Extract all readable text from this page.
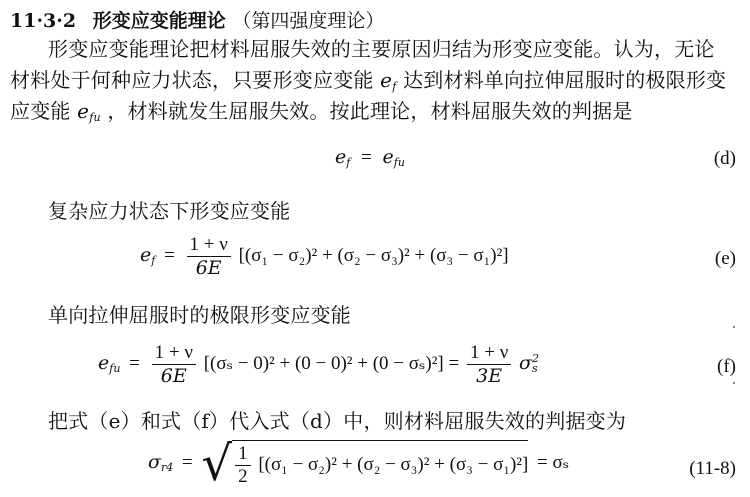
11·3·2 形变应变能理论 （第四强度理论）
形变应变能理论把材料屈服失效的主要原因归结为形变应变能。认为，无论
材料处于何种应力状态，只要形变应变能 $e_f$ 达到材料单向拉伸屈服时的极限形变
应变能 $e_{fu}$ ，材料就发生屈服失效。按此理论，材料屈服失效的判据是
$e_f = e_{fu}$	(d)
复杂应力状态下形变应变能
$e_f = \frac{1 + \nu}{6E} [(\sigma_1 - \sigma_2)^2 + (\sigma_2 - \sigma_3)^2 + (\sigma_3 - \sigma_1)^2]$	(e)
单向拉伸屈服时的极限形变应变能
$e_{fu} = \frac{1 + \nu}{6E} [(\sigma_s - 0)^2 + (0 - 0)^2 + (0 - \sigma_s)^2] = \frac{1 + \nu}{3E} \sigma^2_s$	(f)
把式（e）和式（f）代入式（d）中，则材料屈服失效的判据变为
$\sigma_{r4}$ = √ $\frac{1}{2} [(\sigma_1 - \sigma_2)^2 + (\sigma_2 - \sigma_3)^2 + (\sigma_3 - \sigma_1)^2] = \sigma_s$	(11-8)
